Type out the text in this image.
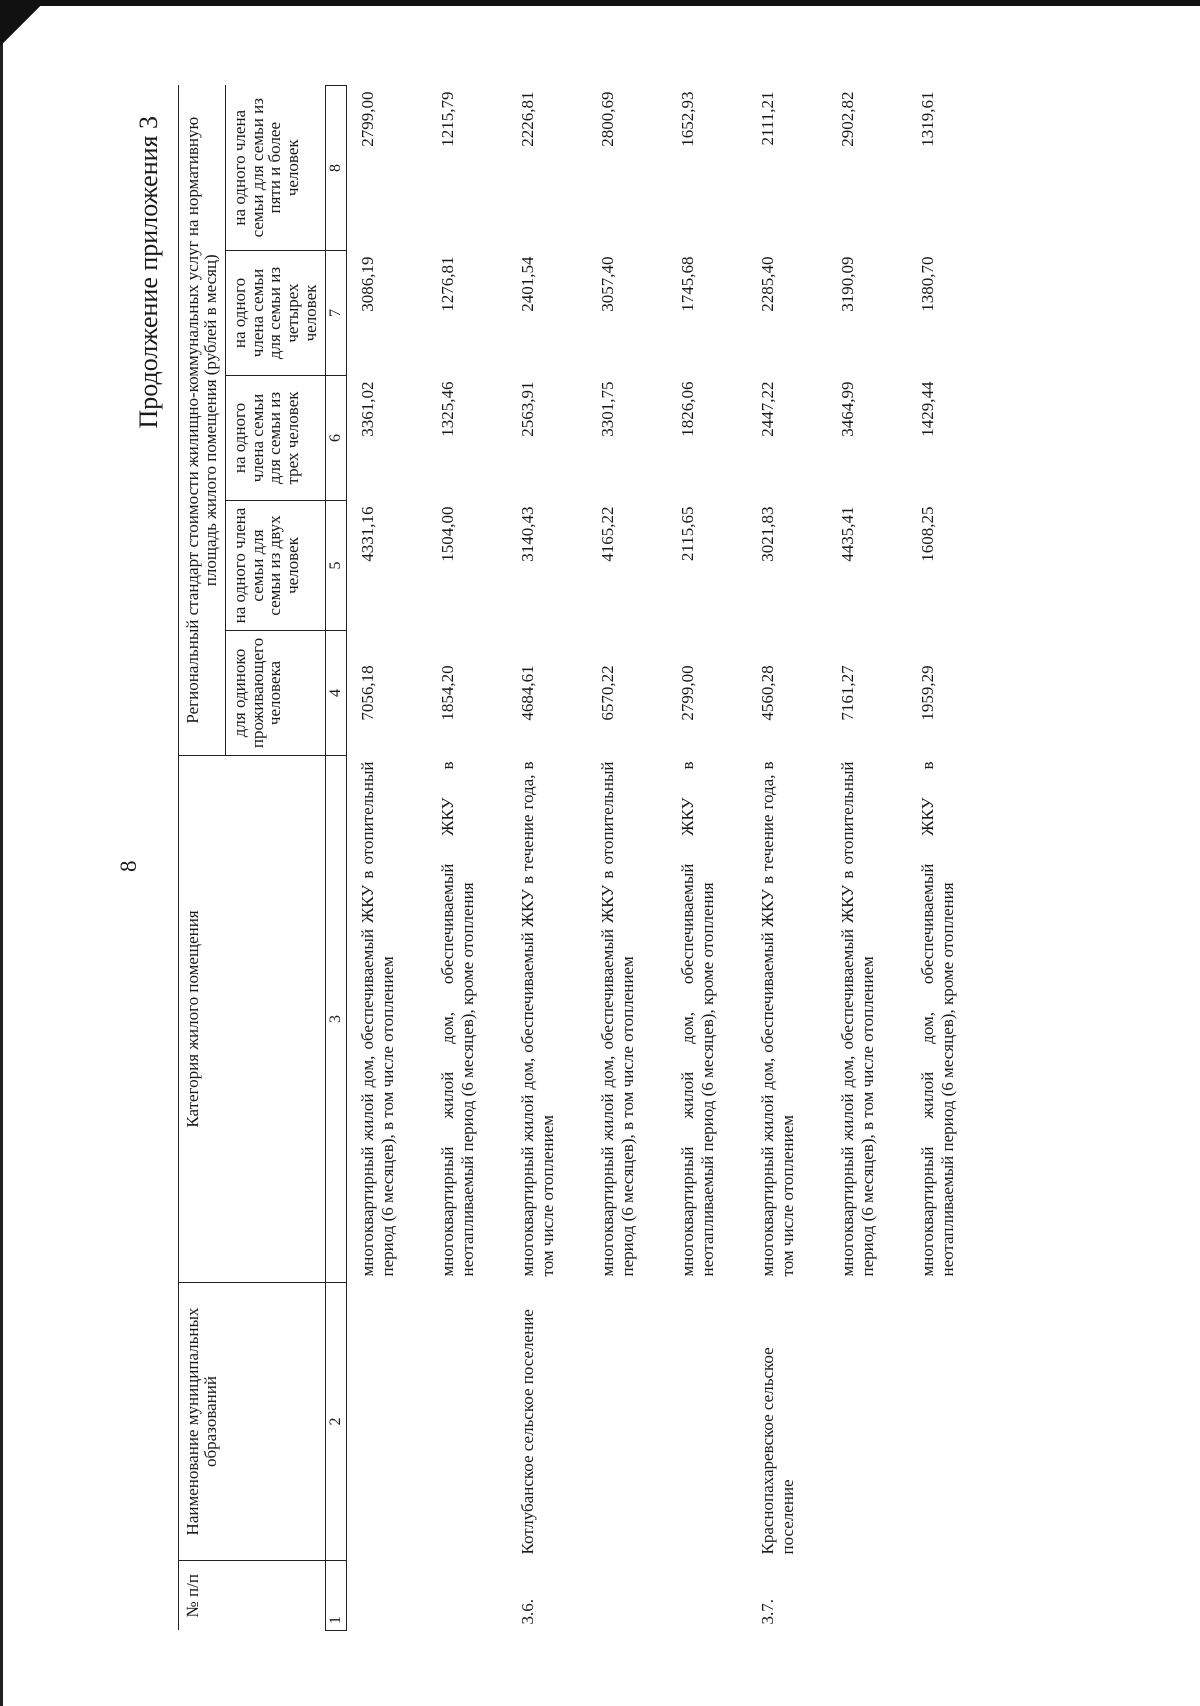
8
Продолжение приложения 3
№ п/п	Наименование муниципальных образований	Категория жилого помещения	Региональный стандарт стоимости жилищно-коммунальных услуг на нормативную площадь жилого помещения (рублей в месяц)				
			для одиноко проживающего человека	на одного члена семьи для семьи из двух человек	на одного члена семьи для семьи из трех человек	на одного члена семьи для семьи из четырех человек	на одного члена семьи для семьи из пяти и более человек
1	2	3	4	5	6	7	8

		многоквартирный жилой дом, обеспечиваемый ЖКУ в отопительный период (6 месяцев), в том числе отоплением	7056,18	4331,16	3361,02	3086,19	2799,00
		многоквартирный жилой дом, обеспечиваемый ЖКУ в неотапливаемый период (6 месяцев), кроме отопления	1854,20	1504,00	1325,46	1276,81	1215,79
3.6.	Котлубанское сельское поселение	многоквартирный жилой дом, обеспечиваемый ЖКУ в течение года, в том числе отоплением	4684,61	3140,43	2563,91	2401,54	2226,81
		многоквартирный жилой дом, обеспечиваемый ЖКУ в отопительный период (6 месяцев), в том числе отоплением	6570,22	4165,22	3301,75	3057,40	2800,69
		многоквартирный жилой дом, обеспечиваемый ЖКУ в неотапливаемый период (6 месяцев), кроме отопления	2799,00	2115,65	1826,06	1745,68	1652,93
3.7.	Краснопахаревское сельское поселение	многоквартирный жилой дом, обеспечиваемый ЖКУ в течение года, в том числе отоплением	4560,28	3021,83	2447,22	2285,40	2111,21
		многоквартирный жилой дом, обеспечиваемый ЖКУ в отопительный период (6 месяцев), в том числе отоплением	7161,27	4435,41	3464,99	3190,09	2902,82
		многоквартирный жилой дом, обеспечиваемый ЖКУ в неотапливаемый период (6 месяцев), кроме отопления	1959,29	1608,25	1429,44	1380,70	1319,61
